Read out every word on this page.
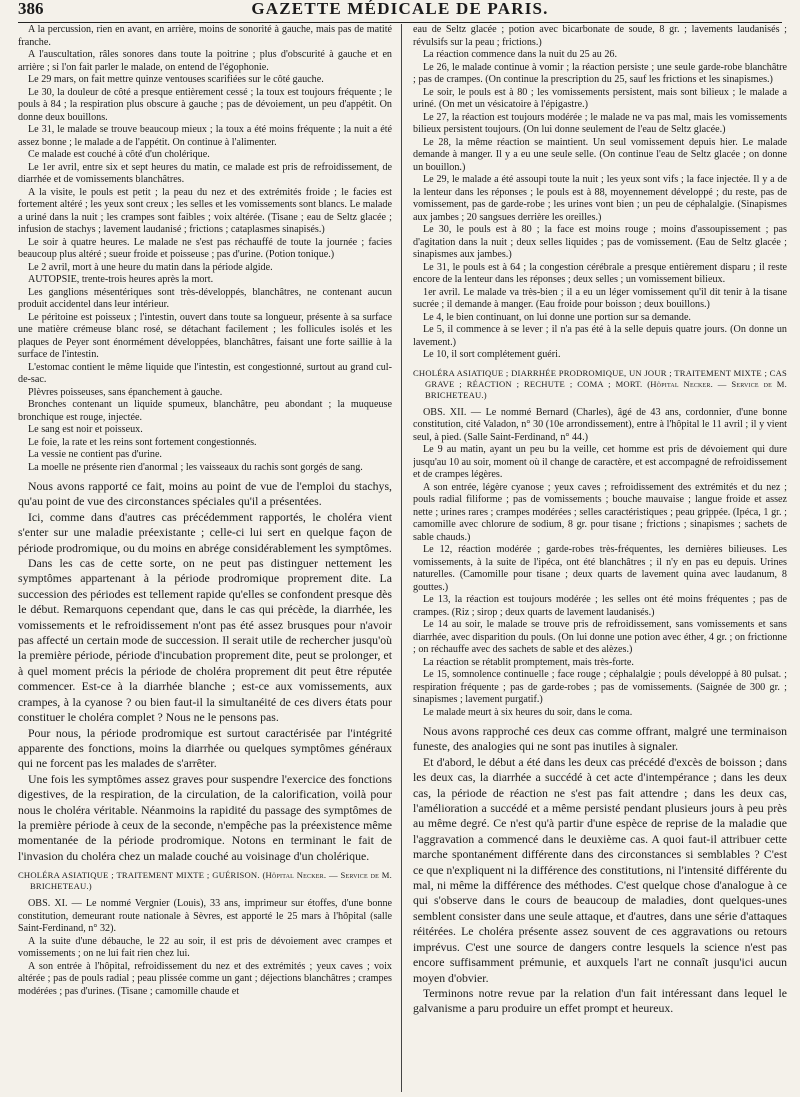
386	GAZETTE MÉDICALE DE PARIS.

A la percussion, rien en avant, en arrière, moins de sonorité à gauche, mais pas de matité franche.

A l'auscultation, râles sonores dans toute la poitrine ; plus d'obscurité à gauche et en arrière ; si l'on fait parler le malade, on entend de l'égophonie.

Le 29 mars, on fait mettre quinze ventouses scarifiées sur le côté gauche.

Le 30, la douleur de côté a presque entièrement cessé ; la toux est toujours fréquente ; le pouls à 84 ; la respiration plus obscure à gauche ; pas de dévoiement, un peu d'appétit. On donne deux bouillons.

Le 31, le malade se trouve beaucoup mieux ; la toux a été moins fréquente ; la nuit a été assez bonne ; le malade a de l'appétit. On continue à l'alimenter.

Ce malade est couché à côté d'un cholérique.

Le 1er avril, entre six et sept heures du matin, ce malade est pris de refroidissement, de diarrhée et de vomissements blanchâtres.

A la visite, le pouls est petit ; la peau du nez et des extrémités froide ; le facies est fortement altéré ; les yeux sont creux ; les selles et les vomissements sont blancs. Le malade a uriné dans la nuit ; les crampes sont faibles ; voix altérée. (Tisane ; eau de Seltz glacée ; infusion de stachys ; lavement laudanisé ; frictions ; cataplasmes sinapisés.)

Le soir à quatre heures. Le malade ne s'est pas réchauffé de toute la journée ; facies beaucoup plus altéré ; sueur froide et poisseuse ; pas d'urine. (Potion tonique.)

Le 2 avril, mort à une heure du matin dans la période algide.

AUTOPSIE, trente-trois heures après la mort.

Les ganglions mésentériques sont très-développés, blanchâtres, ne contenant aucun produit accidentel dans leur intérieur.

Le péritoine est poisseux ; l'intestin, ouvert dans toute sa longueur, présente à sa surface une matière crémeuse blanc rosé, se détachant facilement ; les follicules isolés et les plaques de Peyer sont énormément développées, blanchâtres, faisant une forte saillie à la surface de l'intestin.

L'estomac contient le même liquide que l'intestin, est congestionné, surtout au grand cul-de-sac.

Plèvres poisseuses, sans épanchement à gauche.

Bronches contenant un liquide spumeux, blanchâtre, peu abondant ; la muqueuse bronchique est rouge, injectée.

Le sang est noir et poisseux.

Le foie, la rate et les reins sont fortement congestionnés.

La vessie ne contient pas d'urine.

La moelle ne présente rien d'anormal ; les vaisseaux du rachis sont gorgés de sang.

Nous avons rapporté ce fait, moins au point de vue de l'emploi du stachys, qu'au point de vue des circonstances spéciales qu'il a présentées.

Ici, comme dans d'autres cas précédemment rapportés, le choléra vient s'enter sur une maladie préexistante ; celle-ci lui sert en quelque façon de période prodromique, ou du moins en abrége considérablement les symptômes.

Dans les cas de cette sorte, on ne peut pas distinguer nettement les symptômes appartenant à la période prodromique proprement dite. La succession des périodes est tellement rapide qu'elles se confondent presque dès le début. Remarquons cependant que, dans le cas qui précède, la diarrhée, les vomissements et le refroidissement n'ont pas été assez brusques pour n'avoir pas affecté un certain mode de succession. Il serait utile de rechercher jusqu'où la première période, période d'incubation proprement dite, peut se prolonger, et à quel moment précis la période de choléra proprement dit peut être réputée commencer. Est-ce à la diarrhée blanche ; est-ce aux vomissements, aux crampes, à la cyanose ? ou bien faut-il la simultanéité de ces divers états pour constituer le choléra complet ? Nous ne le pensons pas.

Pour nous, la période prodromique est surtout caractérisée par l'intégrité apparente des fonctions, moins la diarrhée ou quelques symptômes généraux qui ne forcent pas les malades de s'arrêter.

Une fois les symptômes assez graves pour suspendre l'exercice des fonctions digestives, de la respiration, de la circulation, de la calorification, voilà pour nous le choléra véritable. Néanmoins la rapidité du passage des symptômes de la première période à ceux de la seconde, n'empêche pas la préexistence même momentanée de la période prodromique. Notons en terminant le fait de l'invasion du choléra chez un malade couché au voisinage d'un cholérique.

CHOLÉRA ASIATIQUE ; TRAITEMENT MIXTE ; GUÉRISON. (Hôpital Necker. — Service de M. BRICHETEAU.)

OBS. XI. — Le nommé Vergnier (Louis), 33 ans, imprimeur sur étoffes, d'une bonne constitution, demeurant route nationale à Sèvres, est apporté le 25 mars à l'hôpital (salle Saint-Ferdinand, n° 32).

A la suite d'une débauche, le 22 au soir, il est pris de dévoiement avec crampes et vomissements ; on ne lui fait rien chez lui.

A son entrée à l'hôpital, refroidissement du nez et des extrémités ; yeux caves ; voix altérée ; pas de pouls radial ; peau plissée comme un gant ; déjections blanchâtres ; crampes modérées ; pas d'urines. (Tisane ; camomille chaude et

eau de Seltz glacée ; potion avec bicarbonate de soude, 8 gr. ; lavements laudanisés ; révulsifs sur la peau ; frictions.)

La réaction commence dans la nuit du 25 au 26.

Le 26, le malade continue à vomir ; la réaction persiste ; une seule garde-robe blanchâtre ; pas de crampes. (On continue la prescription du 25, sauf les frictions et les sinapismes.)

Le soir, le pouls est à 80 ; les vomissements persistent, mais sont bilieux ; le malade a uriné. (On met un vésicatoire à l'épigastre.)

Le 27, la réaction est toujours modérée ; le malade ne va pas mal, mais les vomissements bilieux persistent toujours. (On lui donne seulement de l'eau de Seltz glacée.)

Le 28, la même réaction se maintient. Un seul vomissement depuis hier. Le malade demande à manger. Il y a eu une seule selle. (On continue l'eau de Seltz glacée ; on donne un bouillon.)

Le 29, le malade a été assoupi toute la nuit ; les yeux sont vifs ; la face injectée. Il y a de la lenteur dans les réponses ; le pouls est à 88, moyennement développé ; du reste, pas de vomissement, pas de garde-robe ; les urines vont bien ; un peu de céphalalgie. (Sinapismes aux jambes ; 20 sangsues derrière les oreilles.)

Le 30, le pouls est à 80 ; la face est moins rouge ; moins d'assoupissement ; pas d'agitation dans la nuit ; deux selles liquides ; pas de vomissement. (Eau de Seltz glacée ; sinapismes aux jambes.)

Le 31, le pouls est à 64 ; la congestion cérébrale a presque entièrement disparu ; il reste encore de la lenteur dans les réponses ; deux selles ; un vomissement bilieux.

1er avril. Le malade va très-bien ; il a eu un léger vomissement qu'il dit tenir à la tisane sucrée ; il demande à manger. (Eau froide pour boisson ; deux bouillons.)

Le 4, le bien continuant, on lui donne une portion sur sa demande.

Le 5, il commence à se lever ; il n'a pas été à la selle depuis quatre jours. (On donne un lavement.)

Le 10, il sort complétement guéri.

CHOLÉRA ASIATIQUE ; DIARRHÉE PRODROMIQUE, UN JOUR ; TRAITEMENT MIXTE ; CAS GRAVE ; RÉACTION ; RECHUTE ; COMA ; MORT. (Hôpital Necker. — Service de M. BRICHETEAU.)

OBS. XII. — Le nommé Bernard (Charles), âgé de 43 ans, cordonnier, d'une bonne constitution, cité Valadon, n° 30 (10e arrondissement), entre à l'hôpital le 11 avril ; il y vient seul, à pied. (Salle Saint-Ferdinand, n° 44.)

Le 9 au matin, ayant un peu bu la veille, cet homme est pris de dévoiement qui dure jusqu'au 10 au soir, moment où il change de caractère, et est accompagné de refroidissement et de crampes légères.

A son entrée, légère cyanose ; yeux caves ; refroidissement des extrémités et du nez ; pouls radial filiforme ; pas de vomissements ; bouche mauvaise ; langue froide et assez nette ; urines rares ; crampes modérées ; selles caractéristiques ; peau grippée. (Ipéca, 1 gr. ; camomille avec chlorure de sodium, 8 gr. pour tisane ; frictions ; sinapismes ; sachets de sable chauds.)

Le 12, réaction modérée ; garde-robes très-fréquentes, les dernières bilieuses. Les vomissements, à la suite de l'ipéca, ont été blanchâtres ; il n'y en pas eu depuis. Urines naturelles. (Camomille pour tisane ; deux quarts de lavement quina avec laudanum, 8 gouttes.)

Le 13, la réaction est toujours modérée ; les selles ont été moins fréquentes ; pas de crampes. (Riz ; sirop ; deux quarts de lavement laudanisés.)

Le 14 au soir, le malade se trouve pris de refroidissement, sans vomissements et sans diarrhée, avec disparition du pouls. (On lui donne une potion avec éther, 4 gr. ; on frictionne ; on réchauffe avec des sachets de sable et des alèzes.)

La réaction se rétablit promptement, mais très-forte.

Le 15, somnolence continuelle ; face rouge ; céphalalgie ; pouls développé à 80 pulsat. ; respiration fréquente ; pas de garde-robes ; pas de vomissements. (Saignée de 300 gr. ; sinapismes ; lavement purgatif.)

Le malade meurt à six heures du soir, dans le coma.

Nous avons rapproché ces deux cas comme offrant, malgré une terminaison funeste, des analogies qui ne sont pas inutiles à signaler.

Et d'abord, le début a été dans les deux cas précédé d'excès de boisson ; dans les deux cas, la diarrhée a succédé à cet acte d'intempérance ; dans les deux cas, la période de réaction ne s'est pas fait attendre ; dans les deux cas, l'amélioration a succédé et a même persisté pendant plusieurs jours à peu près au même degré. Ce n'est qu'à partir d'une espèce de reprise de la maladie que l'aggravation a commencé dans le deuxième cas. A quoi faut-il attribuer cette marche spontanément différente dans des circonstances si semblables ? C'est ce que n'expliquent ni la différence des constitutions, ni l'intensité différente du mal, ni même la différence des méthodes. C'est quelque chose d'analogue à ce qui s'observe dans le cours de beaucoup de maladies, dont quelques-unes semblent consister dans une seule attaque, et d'autres, dans une série d'attaques réitérées. Le choléra présente assez souvent de ces aggravations ou retours imprévus. C'est une source de dangers contre lesquels la science n'est pas encore suffisamment prémunie, et auxquels l'art ne connaît jusqu'ici aucun moyen d'obvier.

Terminons notre revue par la relation d'un fait intéressant dans lequel le galvanisme a paru produire un effet prompt et heureux.
